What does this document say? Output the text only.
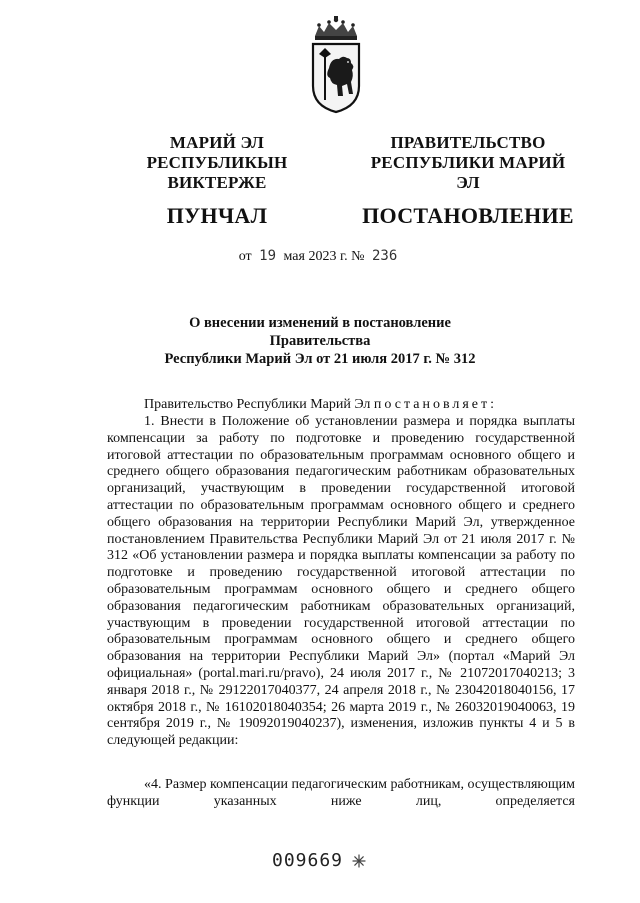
МАРИЙ ЭЛ РЕСПУБЛИКЫН
ВИКТЕРЖЕ
ПУНЧАЛ
ПРАВИТЕЛЬСТВО
РЕСПУБЛИКИ МАРИЙ ЭЛ
ПОСТАНОВЛЕНИЕ
от 19 мая 2023 г. № 236
О внесении изменений в постановление Правительства
Республики Марий Эл от 21 июля 2017 г. № 312
Правительство Республики Марий Эл постановляет:
1. Внести в Положение об установлении размера и порядка выплаты компенсации за работу по подготовке и проведению государственной итоговой аттестации по образовательным программам основного общего и среднего общего образования педагогическим работникам образовательных организаций, участвующим в проведении государственной итоговой аттестации по образовательным программам основного общего и среднего общего образования на территории Республики Марий Эл, утвержденное постановлением Правительства Республики Марий Эл от 21 июля 2017 г. № 312 «Об установлении размера и порядка выплаты компенсации за работу по подготовке и проведению государственной итоговой аттестации по образовательным программам основного общего и среднего общего образования педагогическим работникам образовательных организаций, участвующим в проведении государственной итоговой аттестации по образовательным программам основного общего и среднего общего образования на территории Республики Марий Эл» (портал «Марий Эл официальная» (portal.mari.ru/pravo), 24 июля 2017 г., № 21072017040213; 3 января 2018 г., № 29122017040377, 24 апреля 2018 г., № 23042018040156, 17 октября 2018 г., № 16102018040354; 26 марта 2019 г., № 26032019040063, 19 сентября 2019 г., № 19092019040237), изменения, изложив пункты 4 и 5 в следующей редакции:
«4. Размер компенсации педагогическим работникам, осуществляющим функции указанных ниже лиц, определяется
009669
